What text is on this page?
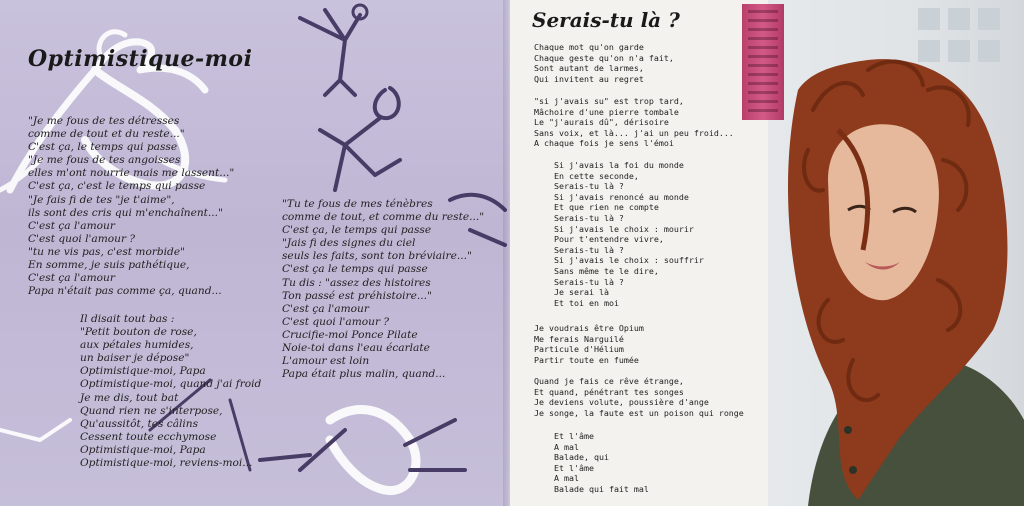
Optimistique-moi
"Je me fous de tes détresses
comme de tout et du reste..."
C'est ça, le temps qui passe
"Je me fous de tes angoisses
elles m'ont nourrie mais me lassent..."
C'est ça, c'est le temps qui passe
"Je fais fi de tes "je t'aime",
ils sont des cris qui m'enchaînent..."
C'est ça l'amour
C'est quoi l'amour ?
"tu ne vis pas, c'est morbide"
En somme, je suis pathétique,
C'est ça l'amour
Papa n'était pas comme ça, quand...
Il disait tout bas :
"Petit bouton de rose,
aux pétales humides,
un baiser je dépose"
Optimistique-moi, Papa
Optimistique-moi, quand j'ai froid
Je me dis, tout bat
Quand rien ne s'interpose,
Qu'aussitôt, tes câlins
Cessent toute ecchymose
Optimistique-moi, Papa
Optimistique-moi, reviens-moi...
"Tu te fous de mes ténèbres
comme de tout, et comme du reste..."
C'est ça, le temps qui passe
"Jais fi des signes du ciel
seuls les faits, sont ton bréviaire..."
C'est ça le temps qui passe
Tu dis : "assez des histoires
Ton passé est préhistoire..."
C'est ça l'amour
C'est quoi l'amour ?
Crucifie-moi Ponce Pilate
Noie-toi dans l'eau écarlate
L'amour est loin
Papa était plus malin, quand...
Serais-tu là ?
Chaque mot qu'on garde
Chaque geste qu'on n'a fait,
Sont autant de larmes,
Qui invitent au regret
"si j'avais su" est trop tard,
Mâchoire d'une pierre tombale
Le "j'aurais dû", dérisoire
Sans voix, et là... j'ai un peu froid...
A chaque fois je sens l'émoi
Si j'avais la foi du monde
En cette seconde,
Serais-tu là ?
Si j'avais renoncé au monde
Et que rien ne compte
Serais-tu là ?
Si j'avais le choix : mourir
Pour t'entendre vivre,
Serais-tu là ?
Si j'avais le choix : souffrir
Sans même te le dire,
Serais-tu là ?
Je serai là
Et toi en moi
Je voudrais être Opium
Me ferais Narguilé
Particule d'Hélium
Partir toute en fumée
Quand je fais ce rêve étrange,
Et quand, pénétrant tes songes
Je deviens volute, poussière d'ange
Je songe, la faute est un poison qui ronge
Et l'âme
A mal
Balade, qui
Et l'âme
A mal
Balade qui fait mal
